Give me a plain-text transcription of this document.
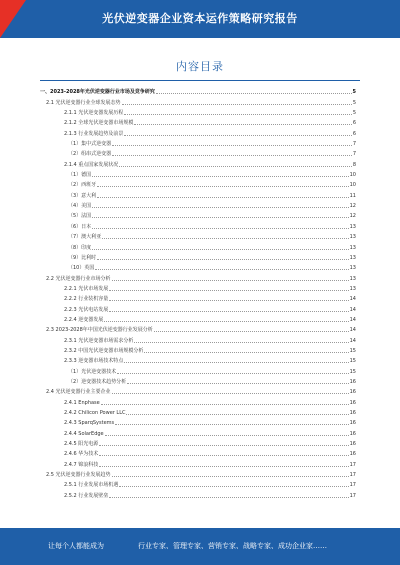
光伏逆变器企业资本运作策略研究报告
内容目录
一、2023-2028年光伏逆变器行业市场及竞争研究	5
2.1 光伏逆变器行业全球发展态势	5
2.1.1 光伏逆变器发展历程	5
2.1.2 全球光伏逆变器市场规模	6
2.1.3 行业发展趋势及前景	6
（1）集中式逆变器	7
（2）组串式逆变器	7
2.1.4 重点国家发展状况	8
（1）德国	10
（2）西班牙	10
（3）意大利	11
（4）美国	12
（5）法国	12
（6）日本	13
（7）澳大利亚	13
（8）印度	13
（9）比利时	13
（10）英国	13
2.2 光伏逆变器行业市场分析	13
2.2.1 光伏市场发展	13
2.2.2 行业装机容量	14
2.2.3 光伏电站发展	14
2.2.4 逆变器发展	14
2.3 2023-2028年中国光伏逆变器行业发展分析	14
2.3.1 光伏逆变器市场需求分析	14
2.3.2 中国光伏逆变器市场规模分析	15
2.3.3 逆变器市场技术特点	15
（1）光伏逆变器技术	15
（2）逆变器技术趋势分析	16
2.4 光伏逆变器行业主要企业	16
2.4.1 Enphase	16
2.4.2 Chilicon Power LLC	16
2.4.3 SparqSystems	16
2.4.4 SolarEdge	16
2.4.5 阳光电源	16
2.4.6 华为技术	16
2.4.7 锦浪科技	17
2.5 光伏逆变器行业发展趋势	17
2.5.1 行业发展市场机遇	17
2.5.2 行业发展壁垒	17
让每个人都能成为	行业专家、管理专家、营销专家、战略专家、成功企业家……
